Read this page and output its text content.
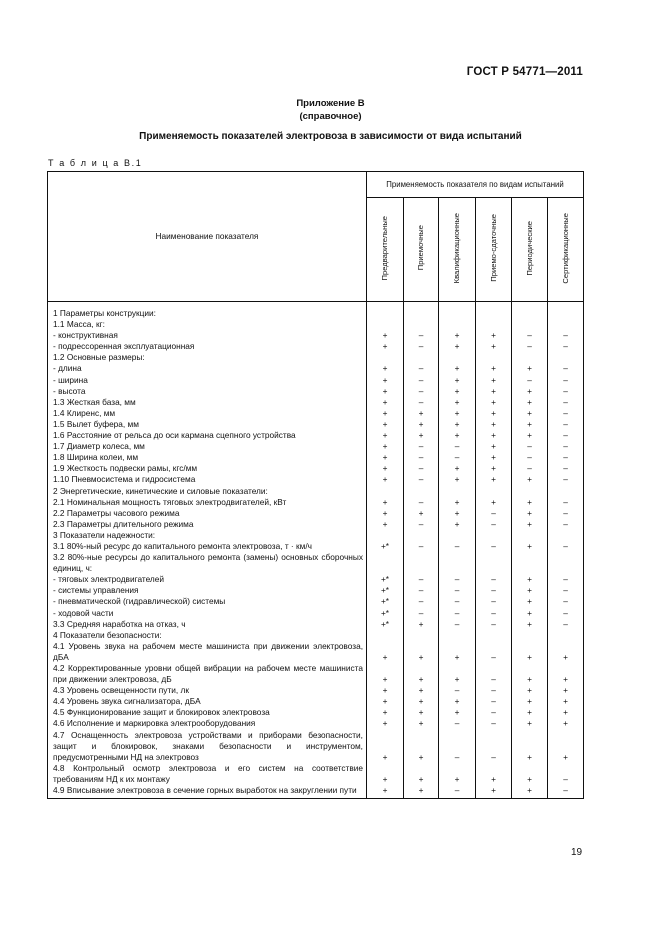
ГОСТ Р 54771—2011
Приложение В
(справочное)
Применяемость показателей электровоза в зависимости от вида испытаний
Т а б л и ц а В.1
Наименование показателя	Применяемость показателя по видам испытаний					
	Предварительные	Приемочные	Квалификационные	Приемо-сдаточные	Периодические	Сертификационные
1 Параметры конструкции:						
1.1 Масса, кг:						
- конструктивная	+	–	+	+	–	–
- подрессоренная эксплуатационная	+	–	+	+	–	–
1.2 Основные размеры:						
- длина	+	–	+	+	+	–
- ширина	+	–	+	+	–	–
- высота	+	–	+	+	+	–
1.3 Жесткая база, мм	+	–	+	+	+	–
1.4 Клиренс, мм	+	+	+	+	+	–
1.5 Вылет буфера, мм	+	+	+	+	+	–
1.6 Расстояние от рельса до оси кармана сцепного устройства	+	+	+	+	+	–
1.7 Диаметр колеса, мм	+	–	–	+	–	–
1.8 Ширина колеи, мм	+	–	–	+	–	–
1.9 Жесткость подвески рамы, кгс/мм	+	–	+	+	–	–
1.10 Пневмосистема и гидросистема	+	–	+	+	+	–
2 Энергетические, кинетические и силовые показатели:						
2.1 Номинальная мощность тяговых электродвигателей, кВт	+	–	+	+	+	–
2.2 Параметры часового режима	+	+	+	–	+	–
2.3 Параметры длительного режима	+	–	+	–	+	–
3 Показатели надежности:						
3.1 80%-ный ресурс до капитального ремонта электровоза, т · км/ч	+*	–	–	–	+	–
3.2 80%-ные ресурсы до капитального ремонта (замены) основных сборочных единиц, ч:						
- тяговых электродвигателей	+*	–	–	–	+	–
- системы управления	+*	–	–	–	+	–
- пневматической (гидравлической) системы	+*	–	–	–	+	–
- ходовой части	+*	–	–	–	+	–
3.3 Средняя наработка на отказ, ч	+*	+	–	–	+	–
4 Показатели безопасности:						
4.1 Уровень звука на рабочем месте машиниста при движении электровоза, дБA	+	+	+	–	+	+
4.2 Корректированные уровни общей вибрации на рабочем месте машиниста при движении электровоза, дБ	+	+	+	–	+	+
4.3 Уровень освещенности пути, лк	+	+	–	–	+	+
4.4 Уровень звука сигнализатора, дБA	+	+	+	–	+	+
4.5 Функционирование защит и блокировок электровоза	+	+	+	–	+	+
4.6 Исполнение и маркировка электрооборудования	+	+	–	–	+	+
4.7 Оснащенность электровоза устройствами и приборами безопасности, защит и блокировок, знаками безопасности и инструментом, предусмотренными НД на электровоз	+	+	–	–	+	+
4.8 Контрольный осмотр электровоза и его систем на соответствие требованиям НД к их монтажу	+	+	+	+	+	–
4.9 Вписывание электровоза в сечение горных выработок на закруглении пути	+	+	–	+	+	–
19
